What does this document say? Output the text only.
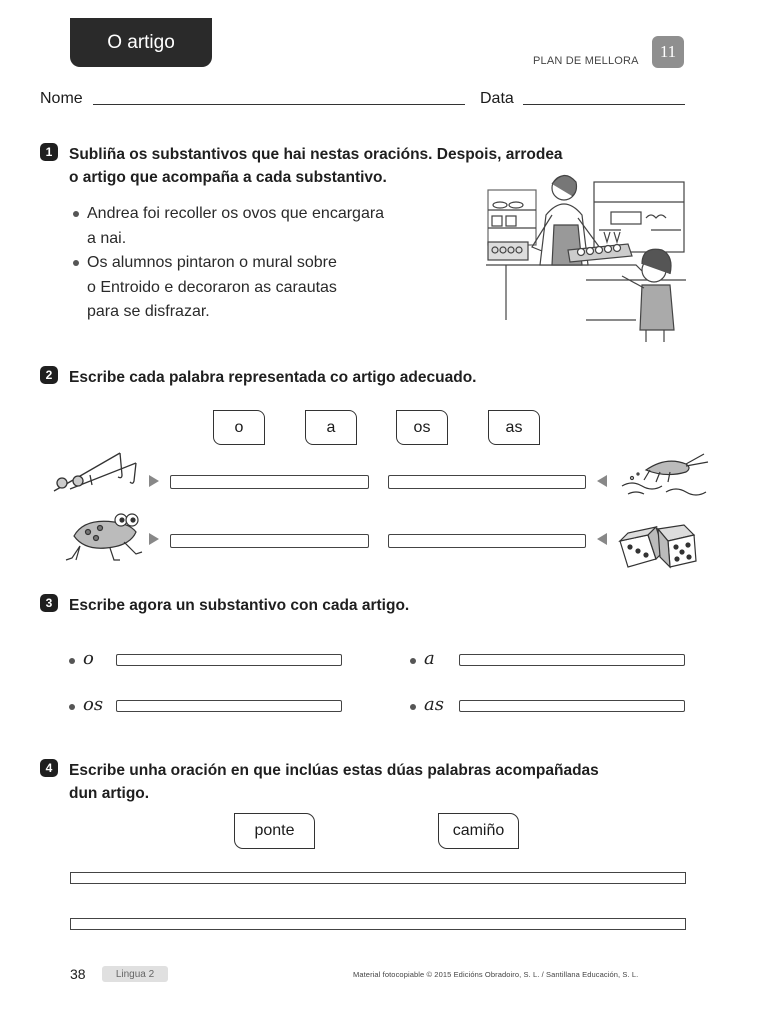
O artigo
PLAN DE MELLORA	11
Nome	Data
1	Subliña os substantivos que hai nestas oracións. Despois, arrodea
o artigo que acompaña a cada substantivo.
Andrea foi recoller os ovos que encargara
a nai.
Os alumnos pintaron o mural sobre
o Entroido e decoraron as carautas
para se disfrazar.
2	Escribe cada palabra representada co artigo adecuado.
o	a	os	as
3	Escribe agora un substantivo con cada artigo.
o	a
os	as
4	Escribe unha oración en que inclúas estas dúas palabras acompañadas
dun artigo.
ponte	camiño
38	Lingua 2	Material fotocopiable © 2015 Edicións Obradoiro, S. L. / Santillana Educación, S. L.
